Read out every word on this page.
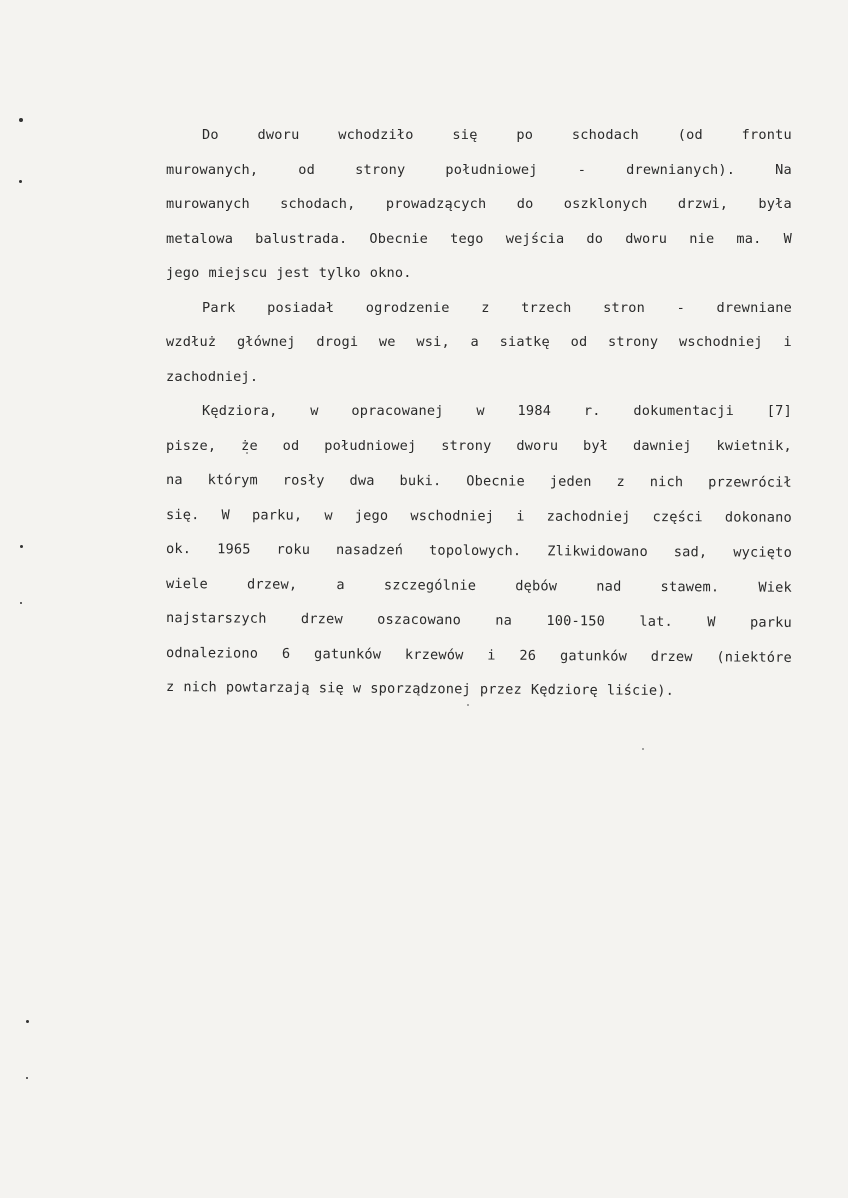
Do	dworu	wchodziło	się	po	schodach	(od	frontu
murowanych,	od	strony	południowej	-	drewnianych).	Na
murowanych schodach, prowadzących do oszklonych drzwi, była
metalowa balustrada. Obecnie tego wejścia do dworu nie ma. W
jego miejscu jest tylko okno.
Park posiadał ogrodzenie z trzech stron - drewniane
wzdłuż głównej drogi we wsi, a siatkę od strony wschodniej i
zachodniej.
Kędziora, w opracowanej w 1984 r. dokumentacji [7]
pisze, że od południowej strony dworu był dawniej kwietnik,
na którym rosły dwa buki. Obecnie jeden z nich przewrócił
się. W parku, w jego wschodniej i zachodniej części dokonano
ok. 1965 roku nasadzeń topolowych. Zlikwidowano sad, wycięto
wiele	drzew,	a	szczególnie	dębów	nad	stawem.	Wiek
najstarszych	drzew	oszacowano	na	100-150	lat.	W	parku
odnaleziono 6 gatunków krzewów i 26 gatunków drzew (niektóre
z nich powtarzają się w sporządzonej przez Kędziorę liście).
